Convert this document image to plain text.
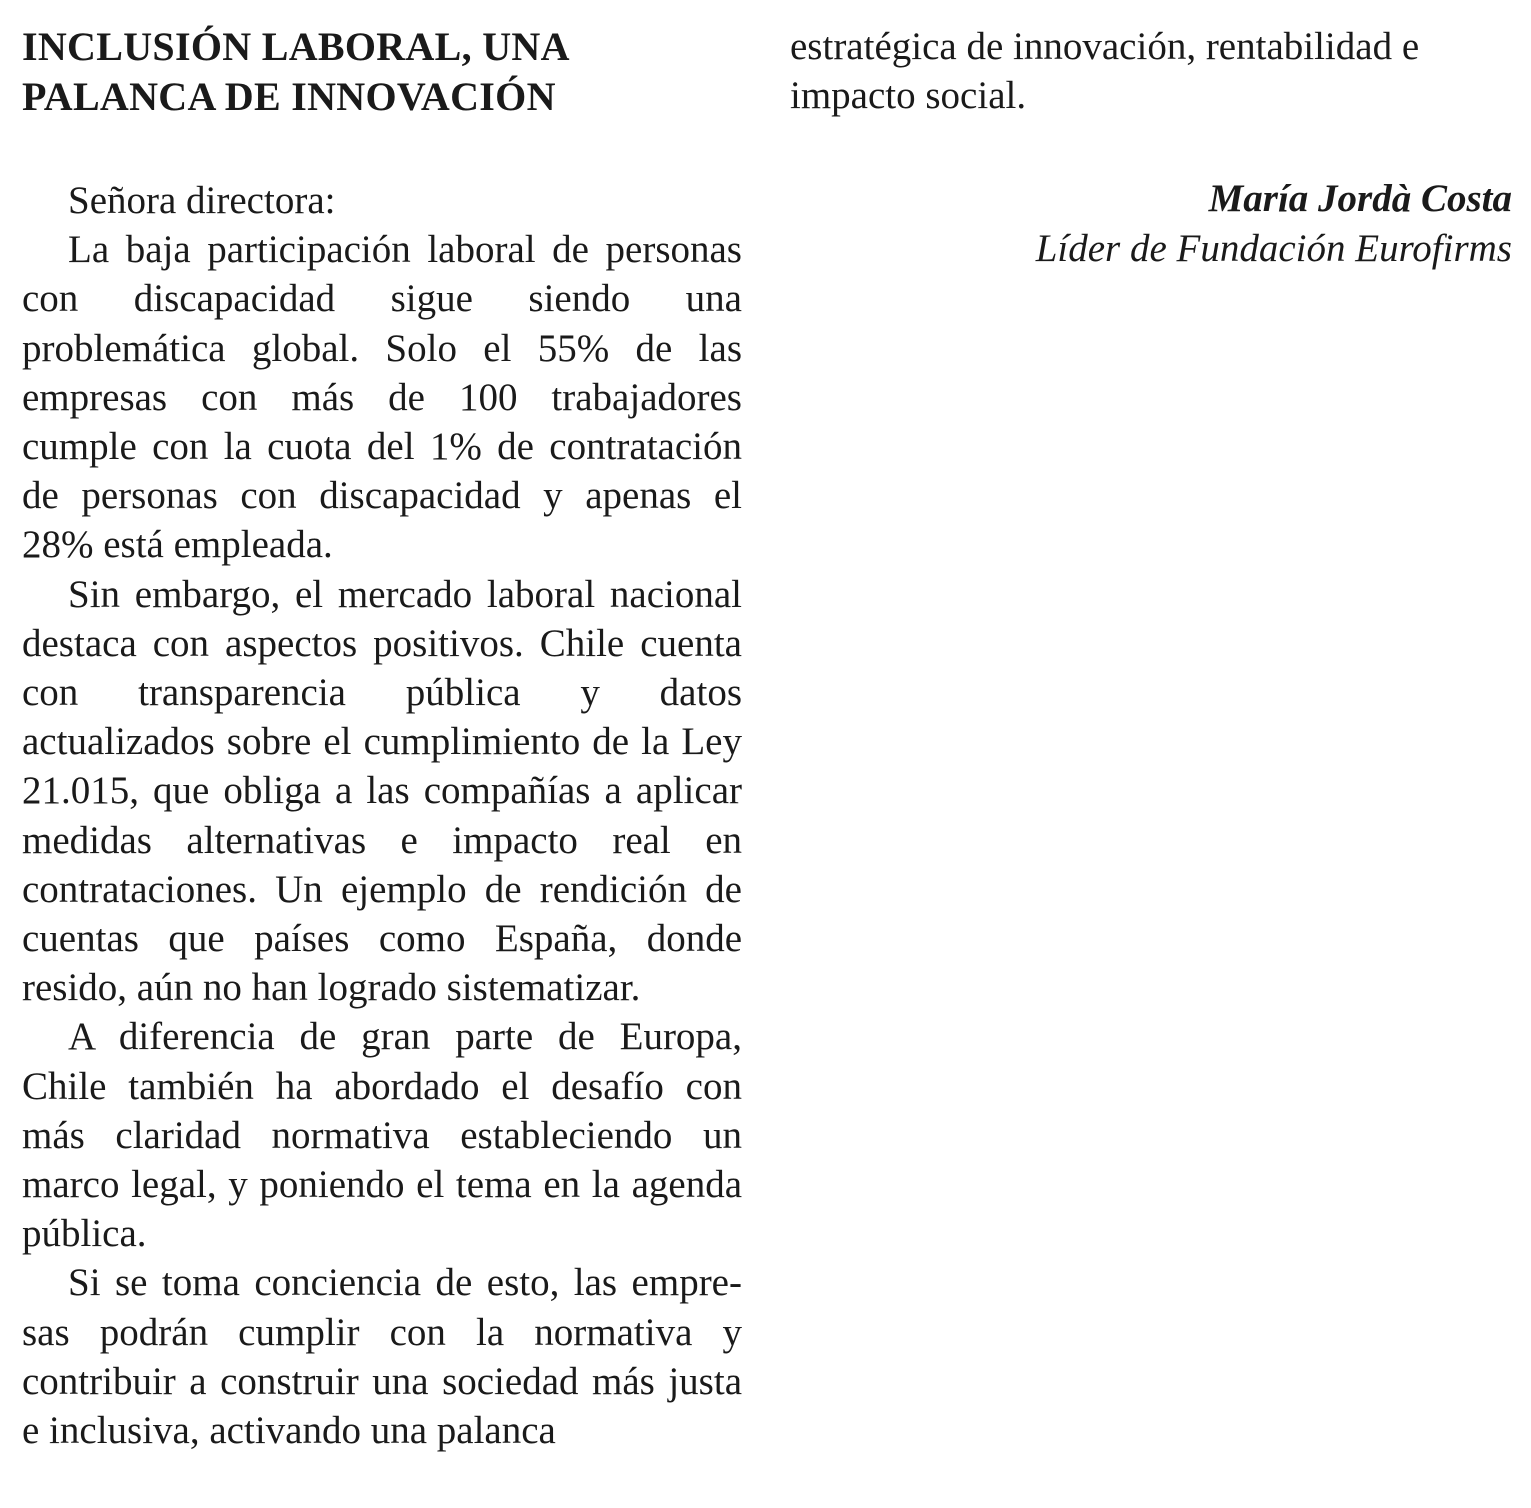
INCLUSIÓN LABORAL, UNA
PALANCA DE INNOVACIÓN

Señora directora:

La baja participación laboral de personas con discapacidad sigue siendo una problemática global. Solo el 55% de las empresas con más de 100 trabajadores cumple con la cuota del 1% de contratación de personas con discapacidad y apenas el 28% está empleada.

Sin embargo, el mercado laboral nacional destaca con aspectos positivos. Chile cuenta con transparencia pública y datos actualizados sobre el cumplimiento de la Ley 21.015, que obliga a las compañías a aplicar medidas alternativas e impacto real en contrataciones. Un ejemplo de rendición de cuentas que países como España, donde resido, aún no han logrado sistematizar.

A diferencia de gran parte de Europa, Chile también ha abordado el desafío con más claridad normativa estableciendo un marco legal, y poniendo el tema en la agenda pública.

Si se toma conciencia de esto, las empresas podrán cumplir con la normativa y contribuir a construir una sociedad más justa e inclusiva, activando una palanca

estratégica de innovación, rentabilidad e impacto social.

María Jordà Costa
Líder de Fundación Eurofirms
